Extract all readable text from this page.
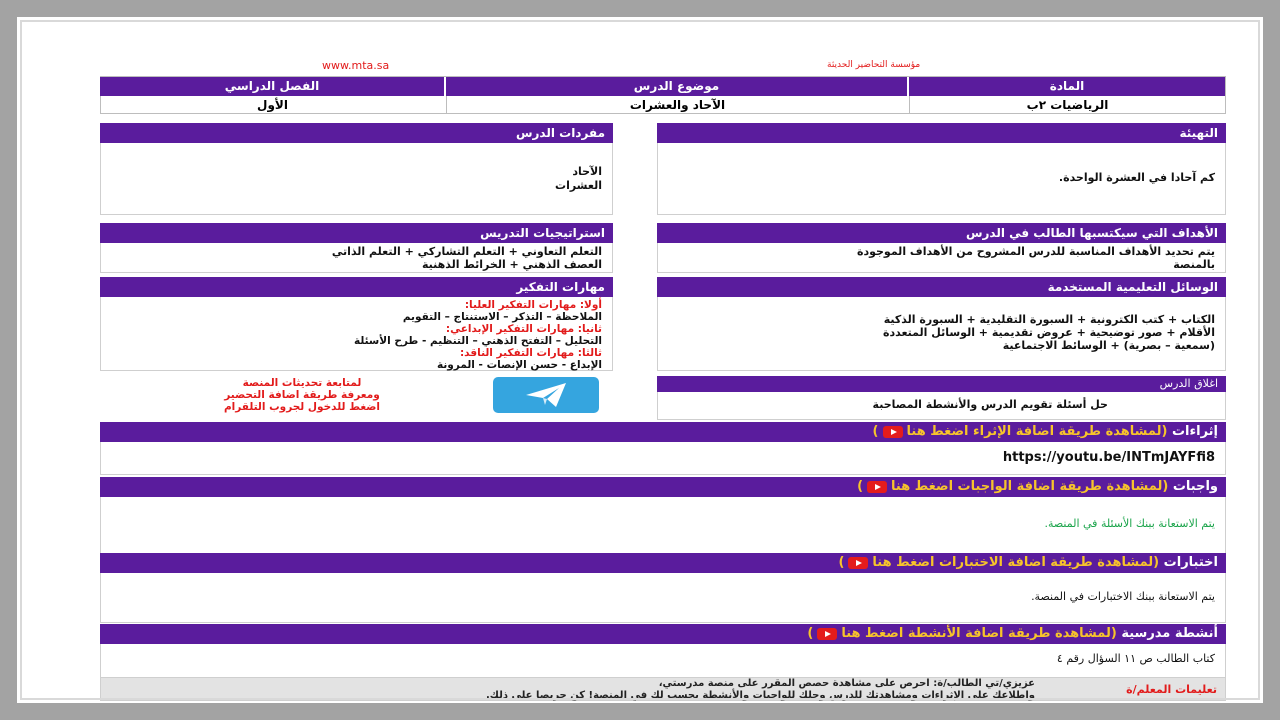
www.mta.sa	مؤسسة التحاضير الحديثة
المادة
موضوع الدرس
الفصل الدراسي
الرياضيات ٢ب
الآحاد والعشرات
الأول
التهيئة
كم آحادا في العشرة الواحدة.
مفردات الدرس
الآحاد
العشرات
الأهداف التي سيكتسبها الطالب في الدرس
يتم تحديد الأهداف المناسبة للدرس المشروح من الأهداف الموجودة
بالمنصة
استراتيجيات التدريس
التعلم التعاوني + التعلم التشاركي + التعلم الذاتي
العصف الذهني + الخرائط الذهنية
الوسائل التعليمية المستخدمة
الكتاب + كتب الكترونية + السبورة التقليدية + السبورة الذكية
الأقلام + صور توضيحية + عروض تقديمية + الوسائل المتعددة
(سمعية – بصرية) + الوسائط الاجتماعية
مهارات التفكير
أولا: مهارات التفكير العليا:
الملاحظة – التذكر – الاستنتاج – التقويم
ثانيا: مهارات التفكير الإبداعي:
التحليل – التفتح الذهني – التنظيم - طرح الأسئلة
ثالثا: مهارات التفكير الناقد:
الإبداع - حسن الإنصات - المرونة
لمتابعة تحديثات المنصة
ومعرفة طريقة اضافة التحضير
اضغط للدخول لجروب التلقرام
اغلاق الدرس
حل أسئلة تقويم الدرس والأنشطة المصاحبة
إثراءات (لمشاهدة طريقة اضافة الإثراء اضغط هنا)
https://youtu.be/INTmJAYFfi8
واجبات (لمشاهدة طريقة اضافة الواجبات اضغط هنا)
يتم الاستعانة ببنك الأسئلة في المنصة.
اختبارات (لمشاهدة طريقة اضافة الاختبارات اضغط هنا)
يتم الاستعانة ببنك الاختبارات في المنصة.
أنشطة مدرسية (لمشاهدة طريقة اضافة الأنشطة اضغط هنا)
كتاب الطالب ص ١١ السؤال رقم ٤
تعليمات المعلم/ة
عزيزي/تي الطالب/ة: احرص على مشاهدة حصص المقرر على منصة مدرستي،
واطلاعك على الإثراءات ومشاهدتك للدرس وحلك للواجبات والأنشطة يحسب لك في المنصة! كن حريصا على ذلك.
